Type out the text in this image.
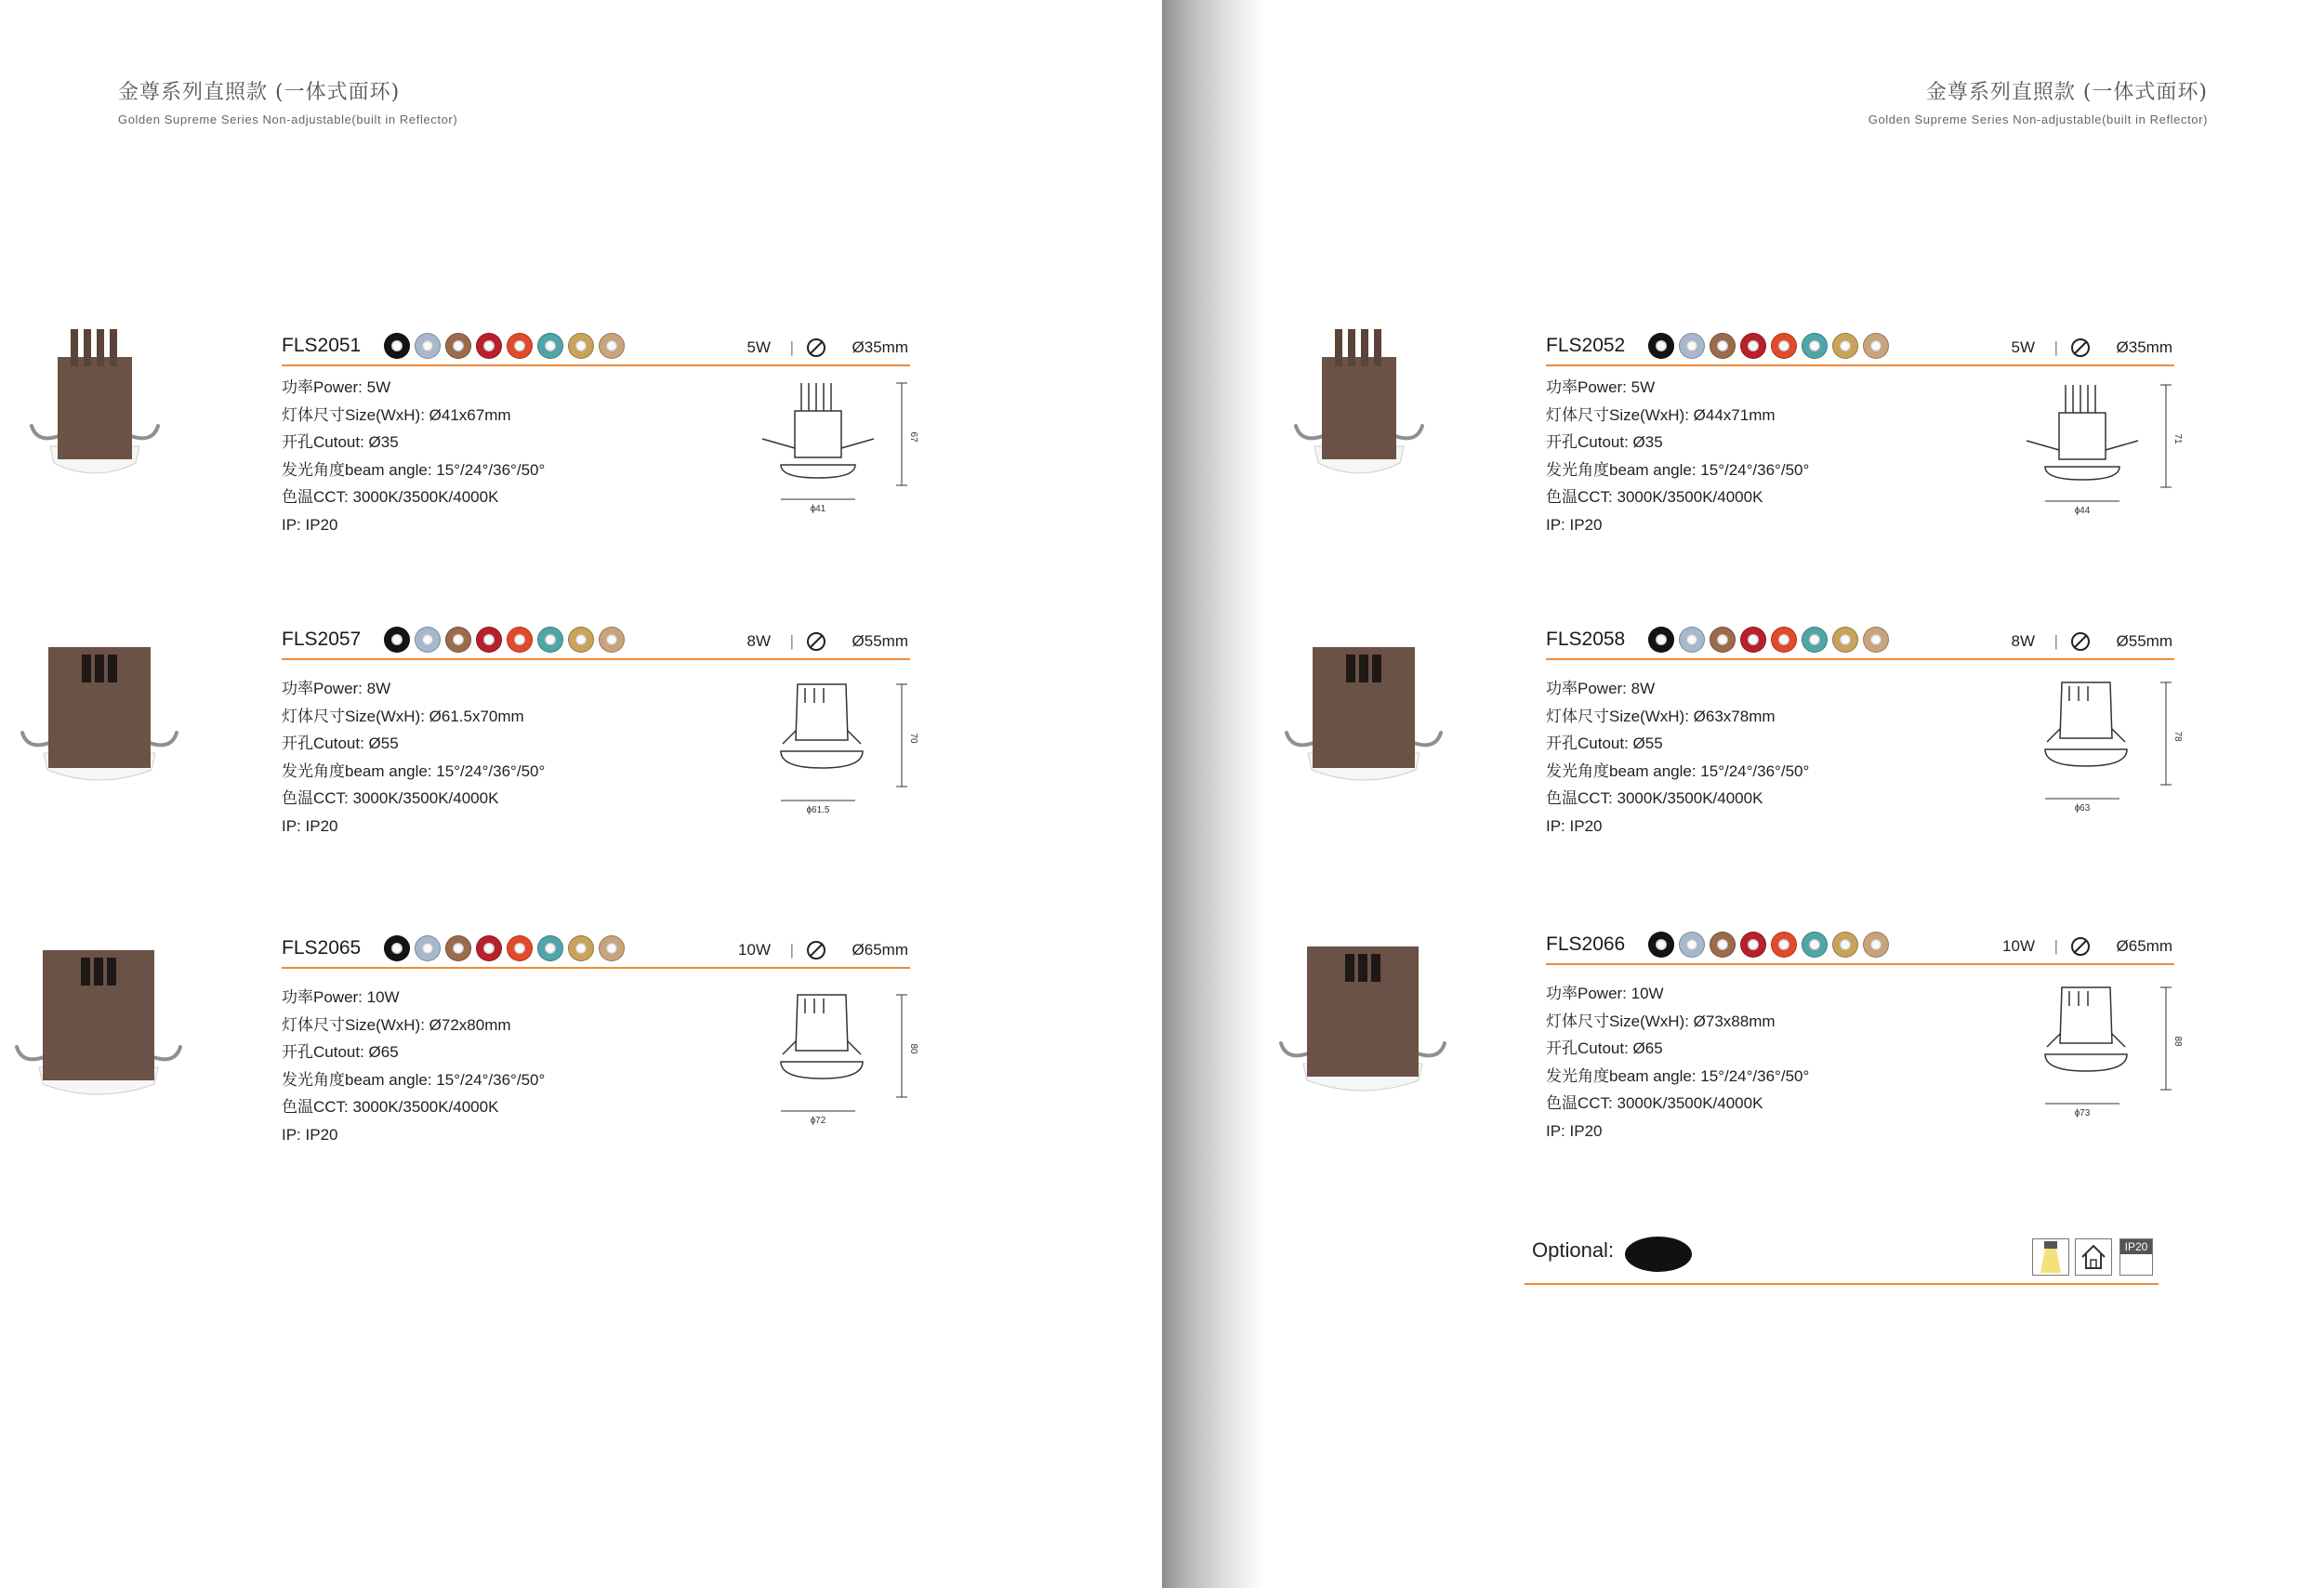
金尊系列直照款 (一体式面环)
Golden Supreme Series Non-adjustable(built in Reflector)
金尊系列直照款 (一体式面环)
Golden Supreme Series Non-adjustable(built in Reflector)
Optional:	IP20
FLS2051	5W |	Ø35mm
功率Power: 5W
灯体尺寸Size(WxH): Ø41x67mm
开孔Cutout: Ø35
发光角度beam angle: 15°/24°/36°/50°
色温CCT: 3000K/3500K/4000K
IP: IP20
67
ɸ41
FLS2057	8W |	Ø55mm
功率Power: 8W
灯体尺寸Size(WxH): Ø61.5x70mm
开孔Cutout: Ø55
发光角度beam angle: 15°/24°/36°/50°
色温CCT: 3000K/3500K/4000K
IP: IP20
70
ɸ61.5
FLS2065	10W |	Ø65mm
功率Power: 10W
灯体尺寸Size(WxH): Ø72x80mm
开孔Cutout: Ø65
发光角度beam angle: 15°/24°/36°/50°
色温CCT: 3000K/3500K/4000K
IP: IP20
80
ɸ72
FLS2052	5W |	Ø35mm
功率Power: 5W
灯体尺寸Size(WxH): Ø44x71mm
开孔Cutout: Ø35
发光角度beam angle: 15°/24°/36°/50°
色温CCT: 3000K/3500K/4000K
IP: IP20
71
ɸ44
FLS2058	8W |	Ø55mm
功率Power: 8W
灯体尺寸Size(WxH): Ø63x78mm
开孔Cutout: Ø55
发光角度beam angle: 15°/24°/36°/50°
色温CCT: 3000K/3500K/4000K
IP: IP20
78
ɸ63
FLS2066	10W |	Ø65mm
功率Power: 10W
灯体尺寸Size(WxH): Ø73x88mm
开孔Cutout: Ø65
发光角度beam angle: 15°/24°/36°/50°
色温CCT: 3000K/3500K/4000K
IP: IP20
88
ɸ73
